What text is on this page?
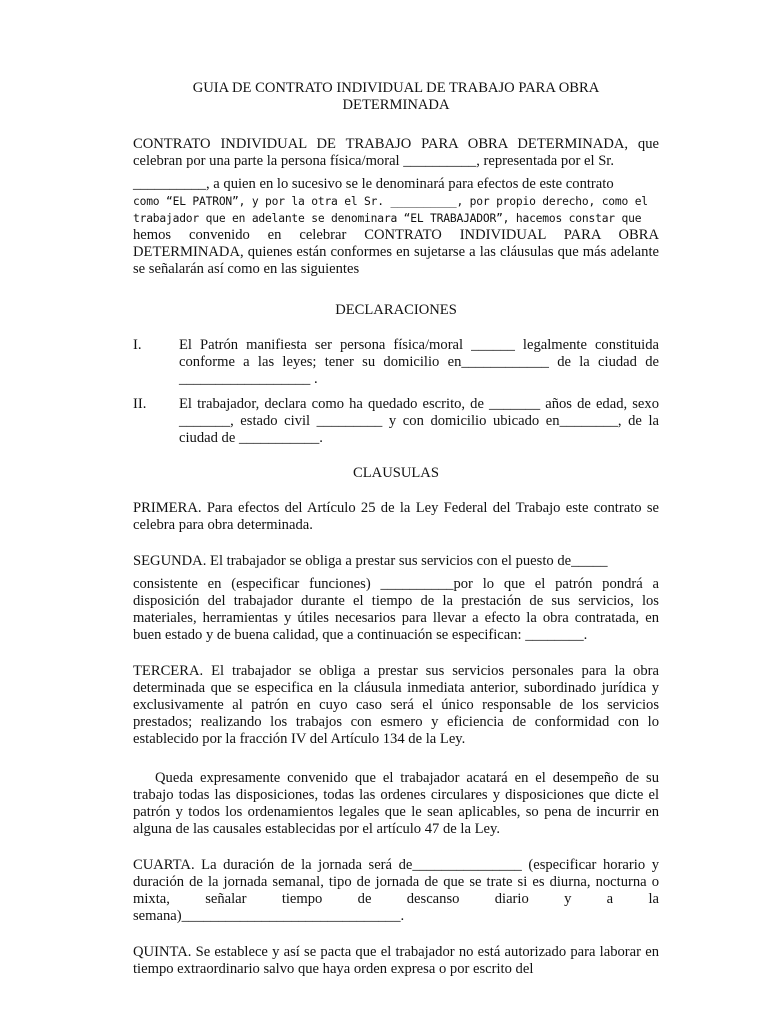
GUIA DE CONTRATO INDIVIDUAL DE TRABAJO PARA OBRA
DETERMINADA

CONTRATO INDIVIDUAL DE TRABAJO PARA OBRA DETERMINADA, que

celebran por una parte la persona física/moral __________, representada por el Sr.

__________, a quien en lo sucesivo se le denominará para efectos de este contrato

como “EL PATRON”, y por la otra el Sr. __________, por propio derecho, como el

trabajador que en adelante se denominara “EL TRABAJADOR”, hacemos constar que

hemos convenido en celebrar CONTRATO INDIVIDUAL PARA OBRA DETERMINADA, quienes están conformes en sujetarse a las cláusulas que más adelante se señalarán así como en las siguientes

DECLARACIONES
I.	El Patrón manifiesta ser persona física/moral ______ legalmente constituida conforme a las leyes; tener su domicilio en____________ de la ciudad de __________________ .
II.	El trabajador, declara como ha quedado escrito, de _______ años de edad, sexo _______, estado civil _________ y con domicilio ubicado en________, de la ciudad de ___________.
CLAUSULAS

PRIMERA. Para efectos del Artículo 25 de la Ley Federal del Trabajo este contrato se celebra para obra determinada.

SEGUNDA. El trabajador se obliga a prestar sus servicios con el puesto de_____

consistente en (especificar funciones) __________por lo que el patrón pondrá a disposición del trabajador durante el tiempo de la prestación de sus servicios, los materiales, herramientas y útiles necesarios para llevar a efecto la obra contratada, en buen estado y de buena calidad, que a continuación se especifican: ________.

TERCERA. El trabajador se obliga a prestar sus servicios personales para la obra determinada que se especifica en la cláusula inmediata anterior, subordinado jurídica y exclusivamente al patrón en cuyo caso será el único responsable de los servicios prestados; realizando los trabajos con esmero y eficiencia de conformidad con lo establecido por la fracción IV del Artículo 134 de la Ley.

Queda expresamente convenido que el trabajador acatará en el desempeño de su trabajo todas las disposiciones, todas las ordenes circulares y disposiciones que dicte el patrón y todos los ordenamientos legales que le sean aplicables, so pena de incurrir en alguna de las causales establecidas por el artículo 47 de la Ley.

CUARTA. La duración de la jornada será de_______________ (especificar horario y duración de la jornada semanal, tipo de jornada de que se trate si es diurna, nocturna o mixta, señalar tiempo de descanso diario y a la semana)______________________________.

QUINTA. Se establece y así se pacta que el trabajador no está autorizado para laborar en tiempo extraordinario salvo que haya orden expresa o por escrito del
